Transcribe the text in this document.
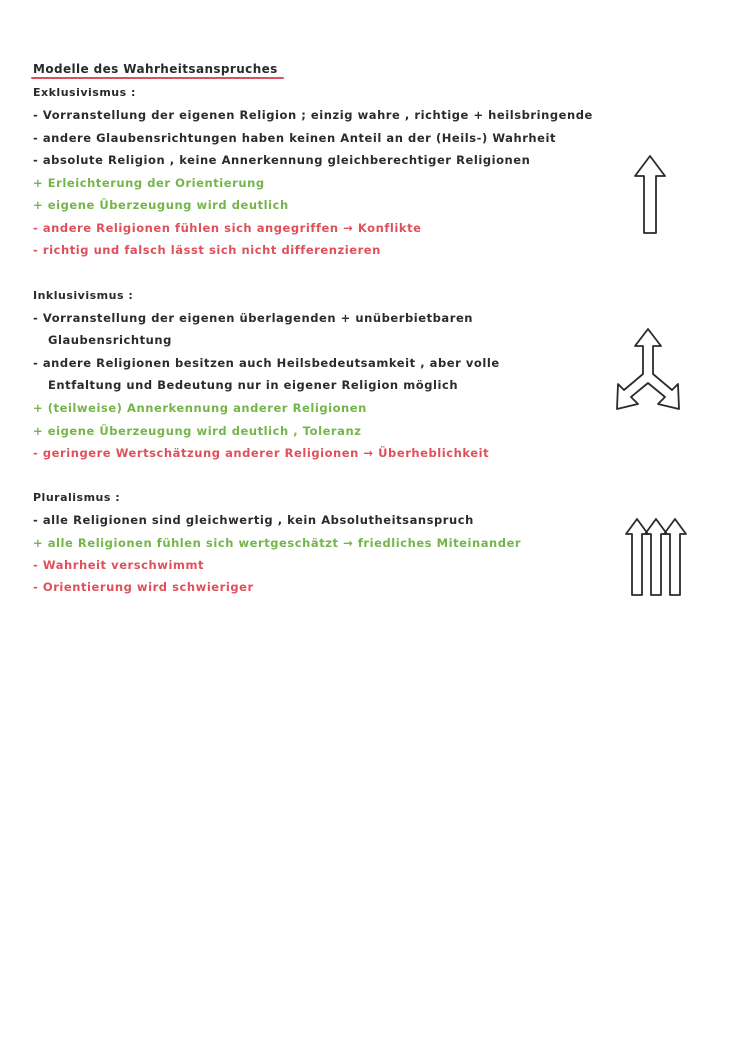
Modelle des Wahrheitsanspruches
Exklusivismus :
- Vorranstellung der eigenen Religion ; einzig wahre , richtige + heilsbringende
- andere Glaubensrichtungen haben keinen Anteil an der (Heils-) Wahrheit
- absolute Religion , keine Annerkennung gleichberechtiger Religionen
+ Erleichterung der Orientierung
+ eigene Überzeugung wird deutlich
- andere Religionen fühlen sich angegriffen → Konflikte
- richtig und falsch lässt sich nicht differenzieren
Inklusivismus :
- Vorranstellung der eigenen überlagenden + unüberbietbaren
Glaubensrichtung
- andere Religionen besitzen auch Heilsbedeutsamkeit , aber volle
Entfaltung und Bedeutung nur in eigener Religion möglich
+ (teilweise) Annerkennung anderer Religionen
+ eigene Überzeugung wird deutlich , Toleranz
- geringere Wertschätzung anderer Religionen → Überheblichkeit
Pluralismus :
- alle Religionen sind gleichwertig , kein Absolutheitsanspruch
+ alle Religionen fühlen sich wertgeschätzt → friedliches Miteinander
- Wahrheit verschwimmt
- Orientierung wird schwieriger
